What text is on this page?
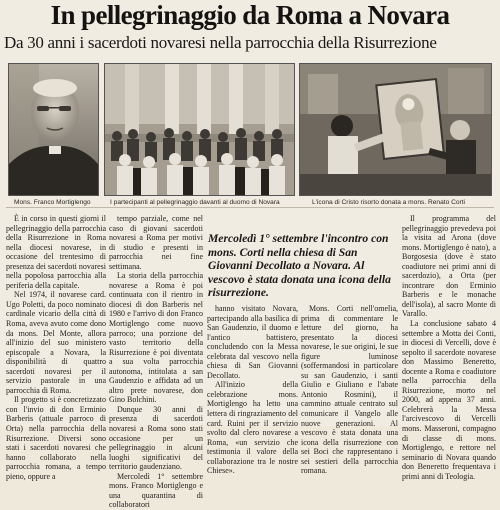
In pellegrinaggio da Roma a Novara
Da 30 anni i sacerdoti novaresi nella parrocchia della Risurrezione
Mons. Franco Mortiglengo	I partecipanti al pellegrinaggio davanti al duomo di Novara	L'icona di Cristo risorto donata a mons. Renato Corti

È in corso in questi giorni il pellegrinaggio della parrocchia della Risurrezione in Roma nella diocesi novarese, in occasione del trentesimo di presenza dei sacerdoti novaresi nella popolosa parrocchia alla periferia della capitale.

Nel 1974, il novarese card. Ugo Poletti, da poco nominato cardinale vicario della città di Roma, aveva avuto come dono da mons. Del Monte, allora all'inizio del suo ministero episcopale a Novara, la disponibilità di quattro sacerdoti novaresi per il servizio pastorale in una parrocchia di Roma.

Il progetto si è concretizzato con l'invio di don Erminio Barberis (attuale parroco di Orta) nella parrocchia della Risurrezione. Diversi sono stati i sacerdoti novaresi che hanno collaborato nella parrocchia romana, a tempo pieno, oppure a

tempo parziale, come nel caso di giovani sacerdoti novaresi a Roma per motivi di studio e presenti in parrocchia nei fine settimana.

La storia della parrocchia novarese a Roma è poi continuata con il rientro in diocesi di don Barberis nel 1980 e l'arrivo di don Franco Mortiglengo come nuovo parroco; una porzione del vasto territorio della Risurrezione è poi diventata a sua volta parrocchia autonoma, intitolata a san Gaudenzio e affidata ad un altro prete novarese, don Gino Bolchini.

Dunque 30 anni di presenza di sacerdoti novaresi a Roma sono stati occasione per un pellegrinaggio in alcuni luoghi significativi del territorio gaudenziano.

Mercoledì 1° settembre mons. Franco Mortiglengo e una quarantina di collaboratori

Mercoledì 1° settembre l'incontro con mons. Corti nella chiesa di San Giovanni Decollato a Novara. Al vescovo è stata donata una icona della risurrezione.

hanno visitato Novara, partecipando alla basilica di San Gaudenzio, il duomo e l'antico battistero, concludendo con la Messa celebrata dal vescovo nella chiesa di San Giovanni Decollato.

All'inizio della celebrazione mons. Mortiglengo ha letto una lettera di ringraziamento del card. Ruini per il servizio svolto dal clero novarese a Roma, «un servizio che testimonia il valore della collaborazione tra le nostre Chiese».

Mons. Corti nell'omelia, prima di commentare le letture del giorno, ha presentato la diocesi novarese, le sue origini, le sue figure luminose (soffermandosi in particolare su san Gaudenzio, i santi Giulio e Giuliano e l'abate Antonio Rosmini), il cammino attuale centrato sul comunicare il Vangelo alle nuove generazioni. Al vescovo è stata donata una icona della risurrezione con sei Boci che rappresentano i sei sestieri della parrocchia romana.

Il programma del pellegrinaggio prevedeva poi la visita ad Arona (dove mons. Mortiglengo è nato), a Borgosesia (dove è stato coadiutore nei primi anni di sacerdozio), a Orta (per incontrare don Erminio Barberis e le monache dell'isola), al sacro Monte di Varallo.

La conclusione sabato 4 settembre a Motta dei Conti, in diocesi di Vercelli, dove è sepolto il sacerdote novarese don Massimo Beneretto, docente a Roma e coadiutore nella parrocchia della Risurrezione, morto nel 2000, ad appena 37 anni. Celebrerà la Messa l'arcivescovo di Vercelli mons. Masseroni, compagno di classe di mons. Mortiglengo, e rettore nel seminario di Novara quando don Beneretto frequentava i primi anni di Teologia.
